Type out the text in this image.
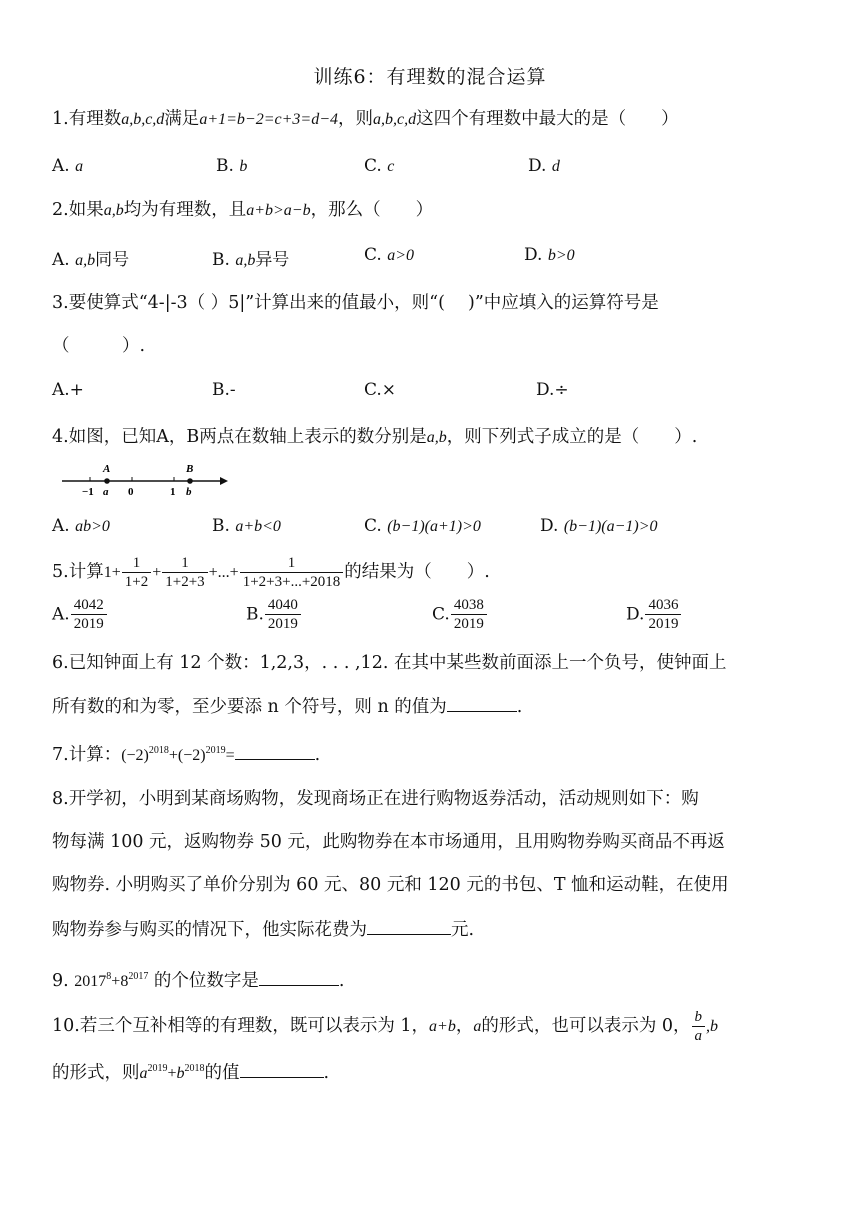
训练6：有理数的混合运算
1.有理数a,b,c,d满足a+1=b−2=c+3=d−4，则a,b,c,d这四个有理数中最大的是（　　）
A. a	B. b	C. c	D. d
2.如果a,b均为有理数，且a+b>a−b，那么（　　）
A. a,b同号	B. a,b异号	C. a>0	D. b>0
3.要使算式“4-|-3（ ）5|”计算出来的值最小，则“(　 )”中应填入的运算符号是
（　　　）.
A.+	B.-	C.×	D.÷
4.如图，已知A，B两点在数轴上表示的数分别是a,b，则下列式子成立的是（　　）.
A	B
−1 a 0	1 b
A. ab>0	B. a+b<0	C. (b−1)(a+1)>0	D. (b−1)(a−1)>0
5.计算$1+ \frac{1}{1+2} + \frac{1}{1+2+3}$ +...+ $\frac{1}{1+2+3+...+2018}$ 的结果为（　　）.
A. $\frac{4042}{2019}$	B. $\frac{4040}{2019}$	C. $\frac{4038}{2019}$	D. $\frac{4036}{2019}$
6.已知钟面上有 12 个数：1,2,3，. . . ,12. 在其中某些数前面添上一个负号，使钟面上
所有数的和为零，至少要添 n 个符号，则 n 的值为	.
7.计算：$(-2)^{2018}+(-2)^{2019}=$	.
8.开学初，小明到某商场购物，发现商场正在进行购物返券活动，活动规则如下：购
物每满 100 元，返购物券 50 元，此购物券在本市场通用，且用购物券购买商品不再返
购物券. 小明购买了单价分别为 60 元、80 元和 120 元的书包、T 恤和运动鞋，在使用
购物券参与购买的情况下，他实际花费为	元.
9. $2017^8+8^{2017}$ 的个位数字是	.
10.若三个互补相等的有理数，既可以表示为 1，a+b，a的形式，也可以表示为 0， $\frac{b}{a} ,b$
的形式，则$a^{2019}+b^{2018}$的值	.
